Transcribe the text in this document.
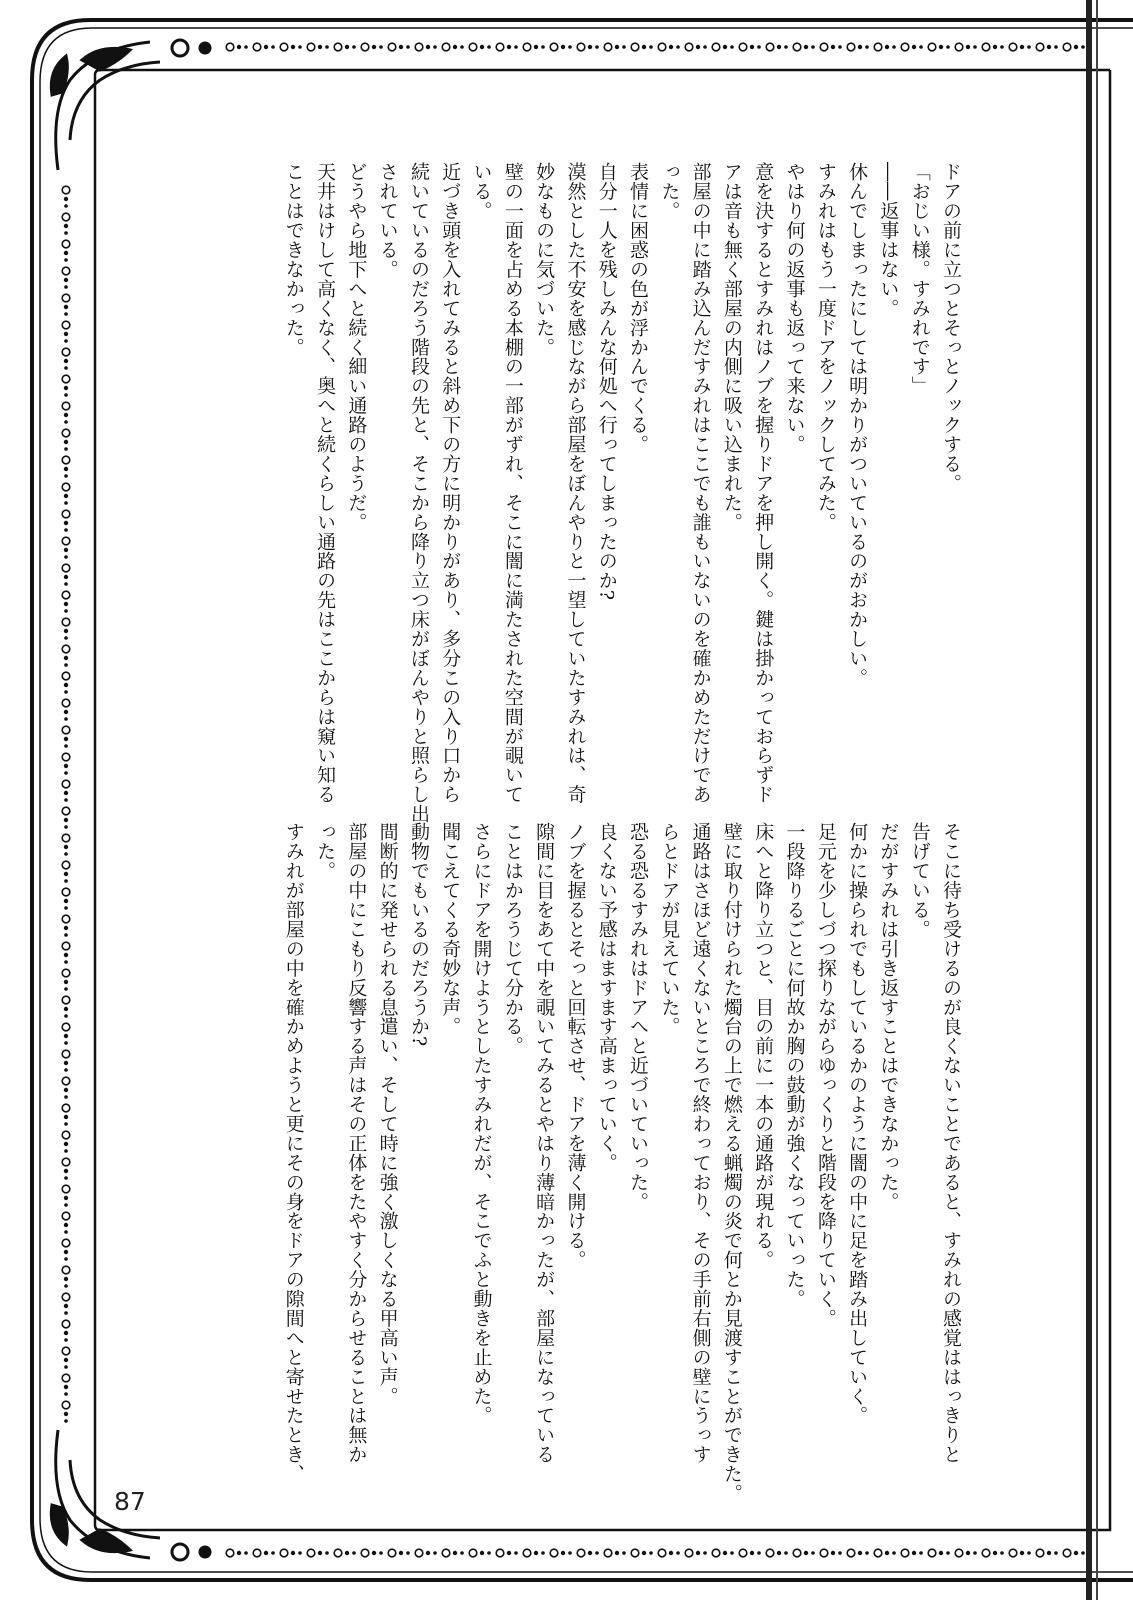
ドアの前に立つとそっとノックする。
「おじい様。すみれです」
――返事はない。
休んでしまったにしては明かりがついているのがおかしい。
すみれはもう一度ドアをノックしてみた。
やはり何の返事も返って来ない。
意を決するとすみれはノブを握りドアを押し開く。鍵は掛かっておらずド
アは音も無く部屋の内側に吸い込まれた。
部屋の中に踏み込んだすみれはここでも誰もいないのを確かめただけであ
った。
表情に困惑の色が浮かんでくる。
自分一人を残しみんな何処へ行ってしまったのか?
漠然とした不安を感じながら部屋をぼんやりと一望していたすみれは、奇
妙なものに気づいた。
壁の一面を占める本棚の一部がずれ、そこに闇に満たされた空間が覗いて
いる。
近づき頭を入れてみると斜め下の方に明かりがあり、多分この入り口から
続いているのだろう階段の先と、そこから降り立つ床がぼんやりと照らし出
されている。
どうやら地下へと続く細い通路のようだ。
天井はけして高くなく、奥へと続くらしい通路の先はここからは窺い知る
ことはできなかった。
そこに待ち受けるのが良くないことであると、すみれの感覚ははっきりと
告げている。
だがすみれは引き返すことはできなかった。
何かに操られでもしているかのように闇の中に足を踏み出していく。
足元を少しづつ探りながらゆっくりと階段を降りていく。
一段降りるごとに何故か胸の鼓動が強くなっていった。
床へと降り立つと、目の前に一本の通路が現れる。
壁に取り付けられた燭台の上で燃える蝋燭の炎で何とか見渡すことができた。
通路はさほど遠くないところで終わっており、その手前右側の壁にうっす
らとドアが見えていた。
恐る恐るすみれはドアへと近づいていった。
良くない予感はますます高まっていく。
ノブを握るとそっと回転させ、ドアを薄く開ける。
隙間に目をあて中を覗いてみるとやはり薄暗かったが、部屋になっている
ことはかろうじて分かる。
さらにドアを開けようとしたすみれだが、そこでふと動きを止めた。
聞こえてくる奇妙な声。
動物でもいるのだろうか?
間断的に発せられる息遣い、そして時に強く激しくなる甲高い声。
部屋の中にこもり反響する声はその正体をたやすく分からせることは無か
った。
すみれが部屋の中を確かめようと更にその身をドアの隙間へと寄せたとき、
87
